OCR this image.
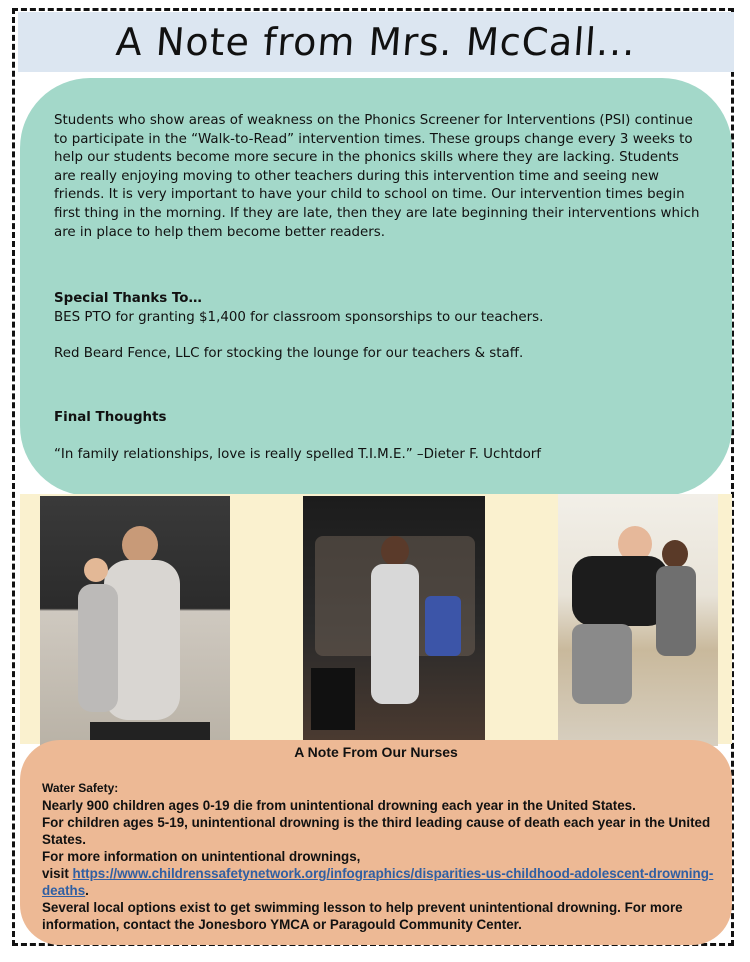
A Note from Mrs. McCall...

Students who show areas of weakness on the Phonics Screener for Interventions (PSI) continue to participate in the “Walk-to-Read” intervention times. These groups change every 3 weeks to help our students become more secure in the phonics skills where they are lacking. Students are really enjoying moving to other teachers during this intervention time and seeing new friends. It is very important to have your child to school on time. Our intervention times begin first thing in the morning. If they are late, then they are late beginning their interventions which are in place to help them become better readers.

Special Thanks To…

BES PTO for granting $1,400 for classroom sponsorships to our teachers.

Red Beard Fence, LLC for stocking the lounge for our teachers & staff.

Final Thoughts

“In family relationships, love is really spelled T.I.M.E.” –Dieter F. Uchtdorf

A Note From Our Nurses

Water Safety:

Nearly 900 children ages 0-19 die from unintentional drowning each year in the United States.

For children ages 5-19, unintentional drowning is the third leading cause of death each year in the United States.

For more information on unintentional drownings,

visit https://www.childrenssafetynetwork.org/infographics/disparities-us-childhood-adolescent-drowning-deaths.

Several local options exist to get swimming lesson to help prevent unintentional drowning. For more information, contact the Jonesboro YMCA or Paragould Community Center.
